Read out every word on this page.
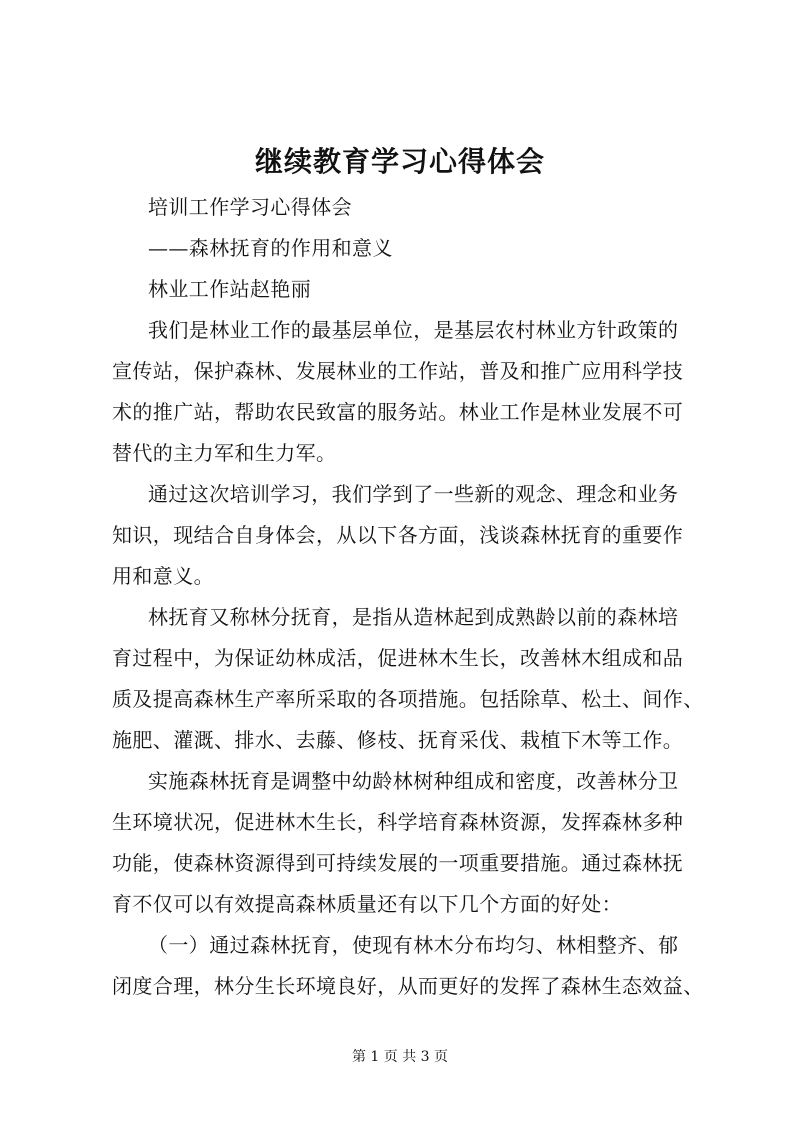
继续教育学习心得体会

培训工作学习心得体会

——森林抚育的作用和意义

林业工作站赵艳丽

我们是林业工作的最基层单位，是基层农村林业方针政策的

宣传站，保护森林、发展林业的工作站，普及和推广应用科学技

术的推广站，帮助农民致富的服务站。林业工作是林业发展不可

替代的主力军和生力军。

通过这次培训学习，我们学到了一些新的观念、理念和业务

知识，现结合自身体会，从以下各方面，浅谈森林抚育的重要作

用和意义。

林抚育又称林分抚育，是指从造林起到成熟龄以前的森林培

育过程中，为保证幼林成活，促进林木生长，改善林木组成和品

质及提高森林生产率所采取的各项措施。包括除草、松土、间作、

施肥、灌溉、排水、去藤、修枝、抚育采伐、栽植下木等工作。

实施森林抚育是调整中幼龄林树种组成和密度，改善林分卫

生环境状况，促进林木生长，科学培育森林资源，发挥森林多种

功能，使森林资源得到可持续发展的一项重要措施。通过森林抚

育不仅可以有效提高森林质量还有以下几个方面的好处：

（一）通过森林抚育，使现有林木分布均匀、林相整齐、郁

闭度合理，林分生长环境良好，从而更好的发挥了森林生态效益、

第 1 页 共 3 页
